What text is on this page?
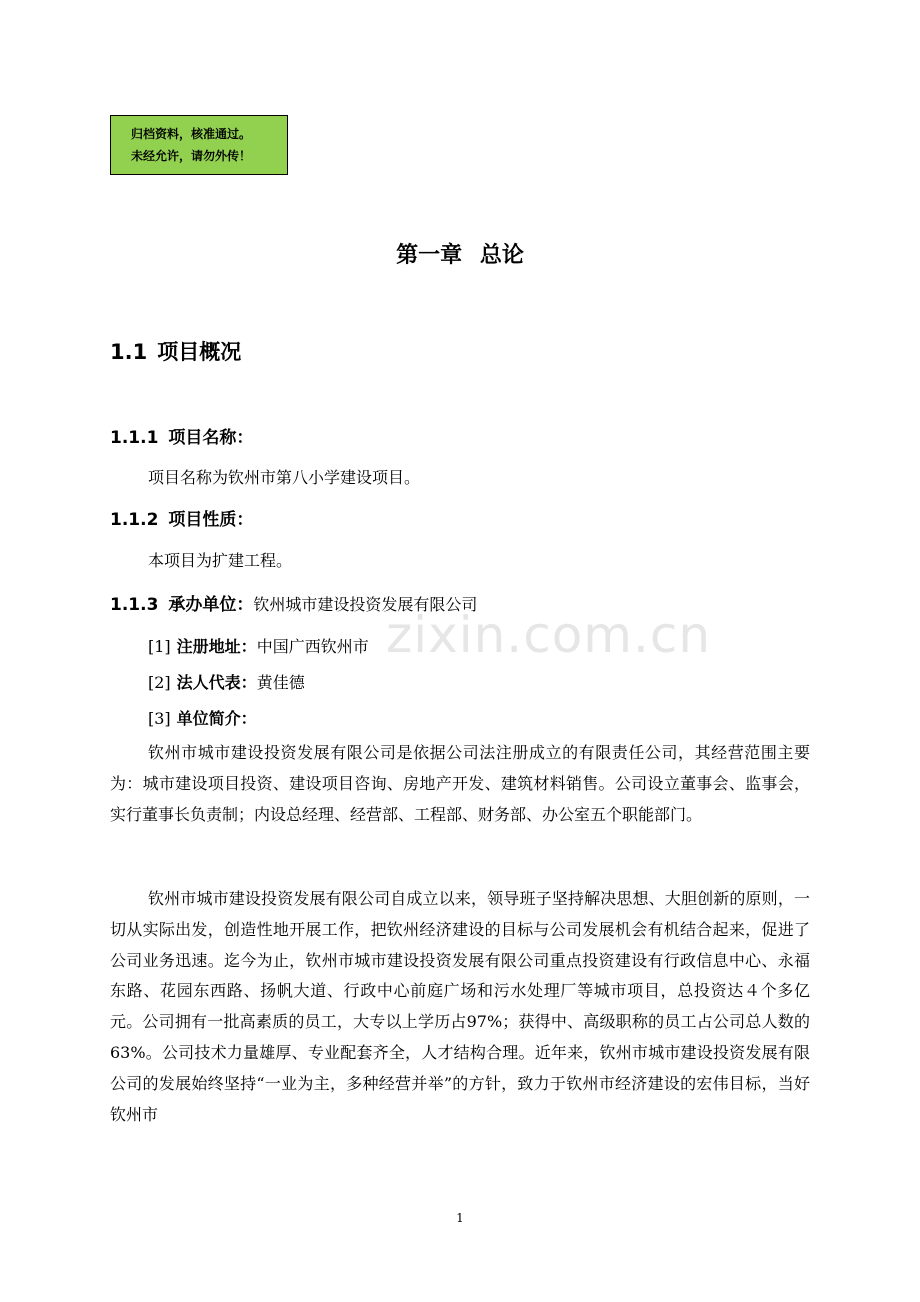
归档资料，核准通过。
未经允许，请勿外传！
第一章 总论
1.1 项目概况
1.1.1 项目名称：
项目名称为钦州市第八小学建设项目。
1.1.2 项目性质：
本项目为扩建工程。
1.1.3 承办单位：钦州城市建设投资发展有限公司
[1] 注册地址：中国广西钦州市
[2] 法人代表：黄佳德
[3] 单位简介：

钦州市城市建设投资发展有限公司是依据公司法注册成立的有限责任公司，其经营范围主要为：城市建设项目投资、建设项目咨询、房地产开发、建筑材料销售。公司设立董事会、监事会，实行董事长负责制；内设总经理、经营部、工程部、财务部、办公室五个职能部门。

钦州市城市建设投资发展有限公司自成立以来，领导班子坚持解决思想、大胆创新的原则，一切从实际出发，创造性地开展工作，把钦州经济建设的目标与公司发展机会有机结合起来，促进了公司业务迅速。迄今为止，钦州市城市建设投资发展有限公司重点投资建设有行政信息中心、永福东路、花园东西路、扬帆大道、行政中心前庭广场和污水处理厂等城市项目，总投资达４个多亿元。公司拥有一批高素质的员工，大专以上学历占97%；获得中、高级职称的员工占公司总人数的63%。公司技术力量雄厚、专业配套齐全，人才结构合理。近年来，钦州市城市建设投资发展有限公司的发展始终坚持“一业为主，多种经营并举”的方针，致力于钦州市经济建设的宏伟目标，当好钦州市

zixin.com.cn
1
